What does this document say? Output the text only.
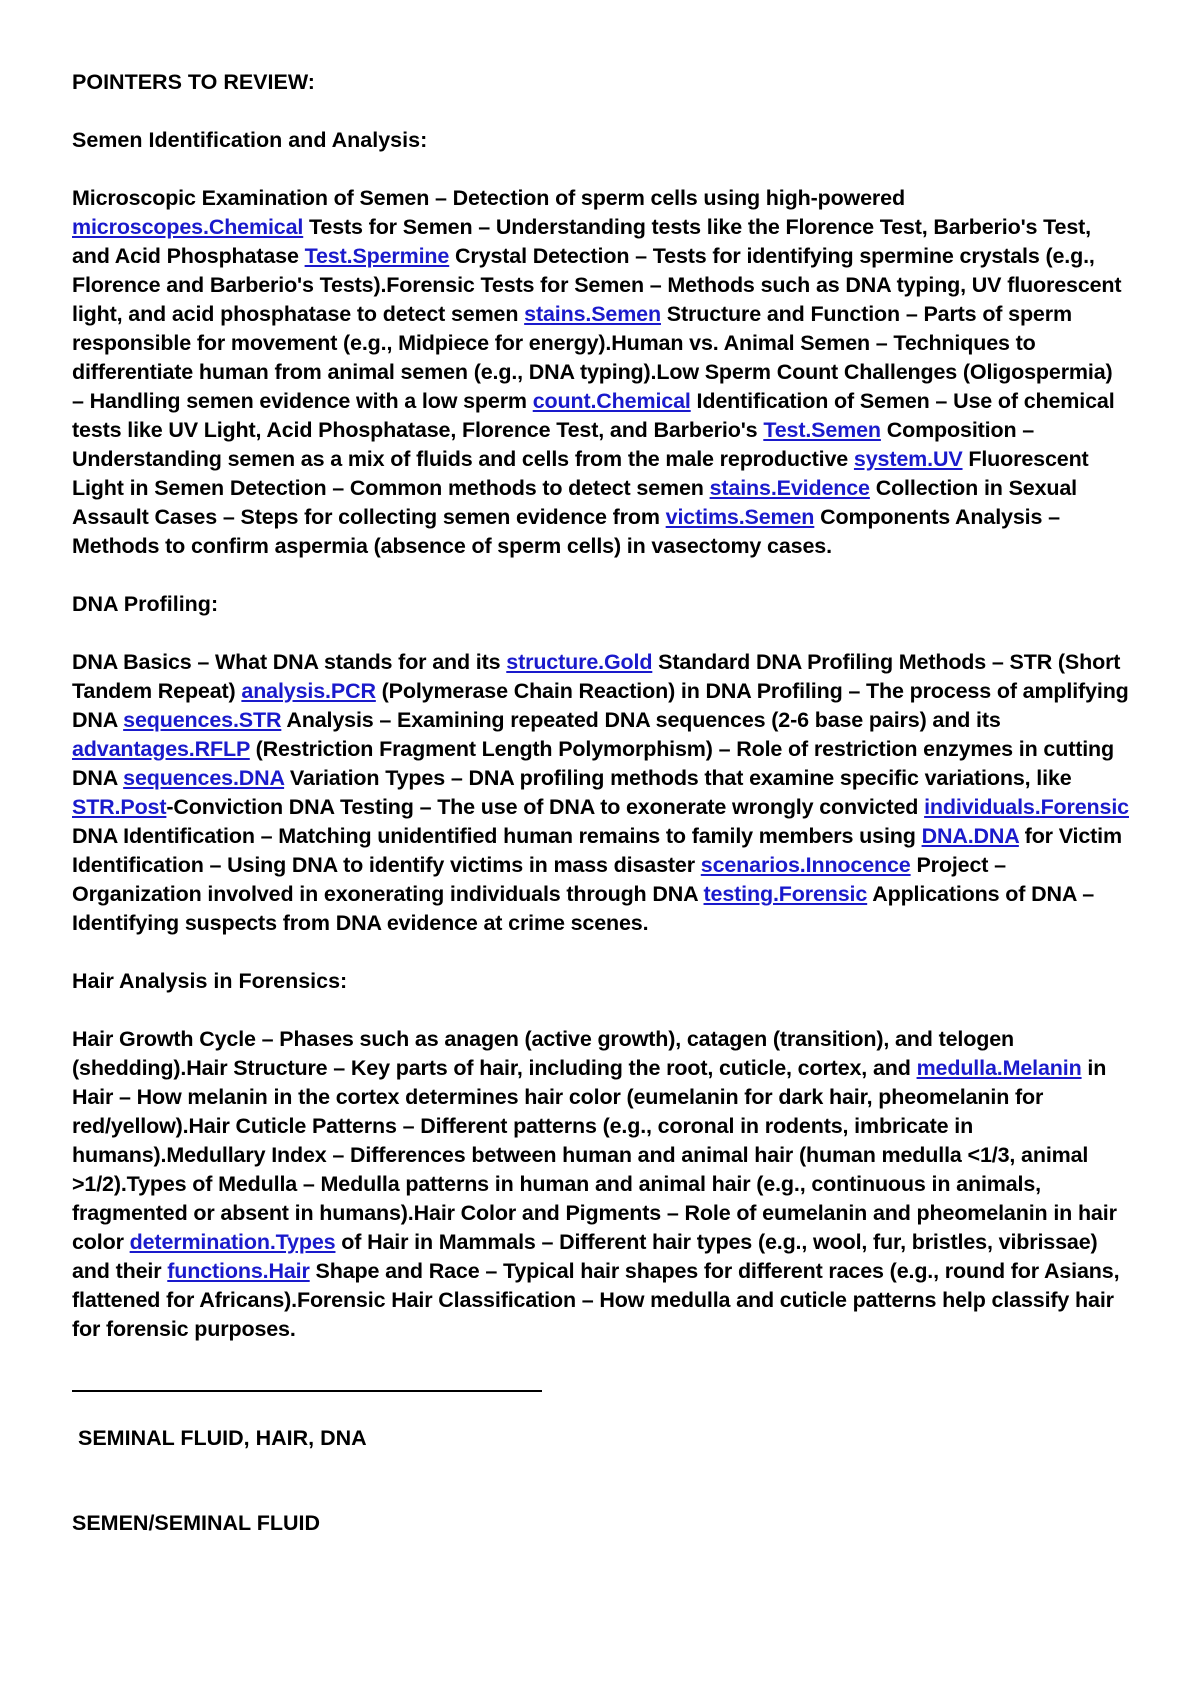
POINTERS TO REVIEW:

Semen Identification and Analysis:

Microscopic Examination of Semen – Detection of sperm cells using high-powered microscopes.Chemical Tests for Semen – Understanding tests like the Florence Test, Barberio's Test, and Acid Phosphatase Test.Spermine Crystal Detection – Tests for identifying spermine crystals (e.g., Florence and Barberio's Tests).Forensic Tests for Semen – Methods such as DNA typing, UV fluorescent light, and acid phosphatase to detect semen stains.Semen Structure and Function – Parts of sperm responsible for movement (e.g., Midpiece for energy).Human vs. Animal Semen – Techniques to differentiate human from animal semen (e.g., DNA typing).Low Sperm Count Challenges (Oligospermia) – Handling semen evidence with a low sperm count.Chemical Identification of Semen – Use of chemical tests like UV Light, Acid Phosphatase, Florence Test, and Barberio's Test.Semen Composition – Understanding semen as a mix of fluids and cells from the male reproductive system.UV Fluorescent Light in Semen Detection – Common methods to detect semen stains.Evidence Collection in Sexual Assault Cases – Steps for collecting semen evidence from victims.Semen Components Analysis – Methods to confirm aspermia (absence of sperm cells) in vasectomy cases.

DNA Profiling:

DNA Basics – What DNA stands for and its structure.Gold Standard DNA Profiling Methods – STR (Short Tandem Repeat) analysis.PCR (Polymerase Chain Reaction) in DNA Profiling – The process of amplifying DNA sequences.STR Analysis – Examining repeated DNA sequences (2-6 base pairs) and its advantages.RFLP (Restriction Fragment Length Polymorphism) – Role of restriction enzymes in cutting DNA sequences.DNA Variation Types – DNA profiling methods that examine specific variations, like STR.Post-Conviction DNA Testing – The use of DNA to exonerate wrongly convicted individuals.Forensic DNA Identification – Matching unidentified human remains to family members using DNA.DNA for Victim Identification – Using DNA to identify victims in mass disaster scenarios.Innocence Project – Organization involved in exonerating individuals through DNA testing.Forensic Applications of DNA – Identifying suspects from DNA evidence at crime scenes.

Hair Analysis in Forensics:

Hair Growth Cycle – Phases such as anagen (active growth), catagen (transition), and telogen (shedding).Hair Structure – Key parts of hair, including the root, cuticle, cortex, and medulla.Melanin in Hair – How melanin in the cortex determines hair color (eumelanin for dark hair, pheomelanin for red/yellow).Hair Cuticle Patterns – Different patterns (e.g., coronal in rodents, imbricate in humans).Medullary Index – Differences between human and animal hair (human medulla <1/3, animal >1/2).Types of Medulla – Medulla patterns in human and animal hair (e.g., continuous in animals, fragmented or absent in humans).Hair Color and Pigments – Role of eumelanin and pheomelanin in hair color determination.Types of Hair in Mammals – Different hair types (e.g., wool, fur, bristles, vibrissae) and their functions.Hair Shape and Race – Typical hair shapes for different races (e.g., round for Asians, flattened for Africans).Forensic Hair Classification – How medulla and cuticle patterns help classify hair for forensic purposes.

SEMINAL FLUID, HAIR, DNA

SEMEN/SEMINAL FLUID
